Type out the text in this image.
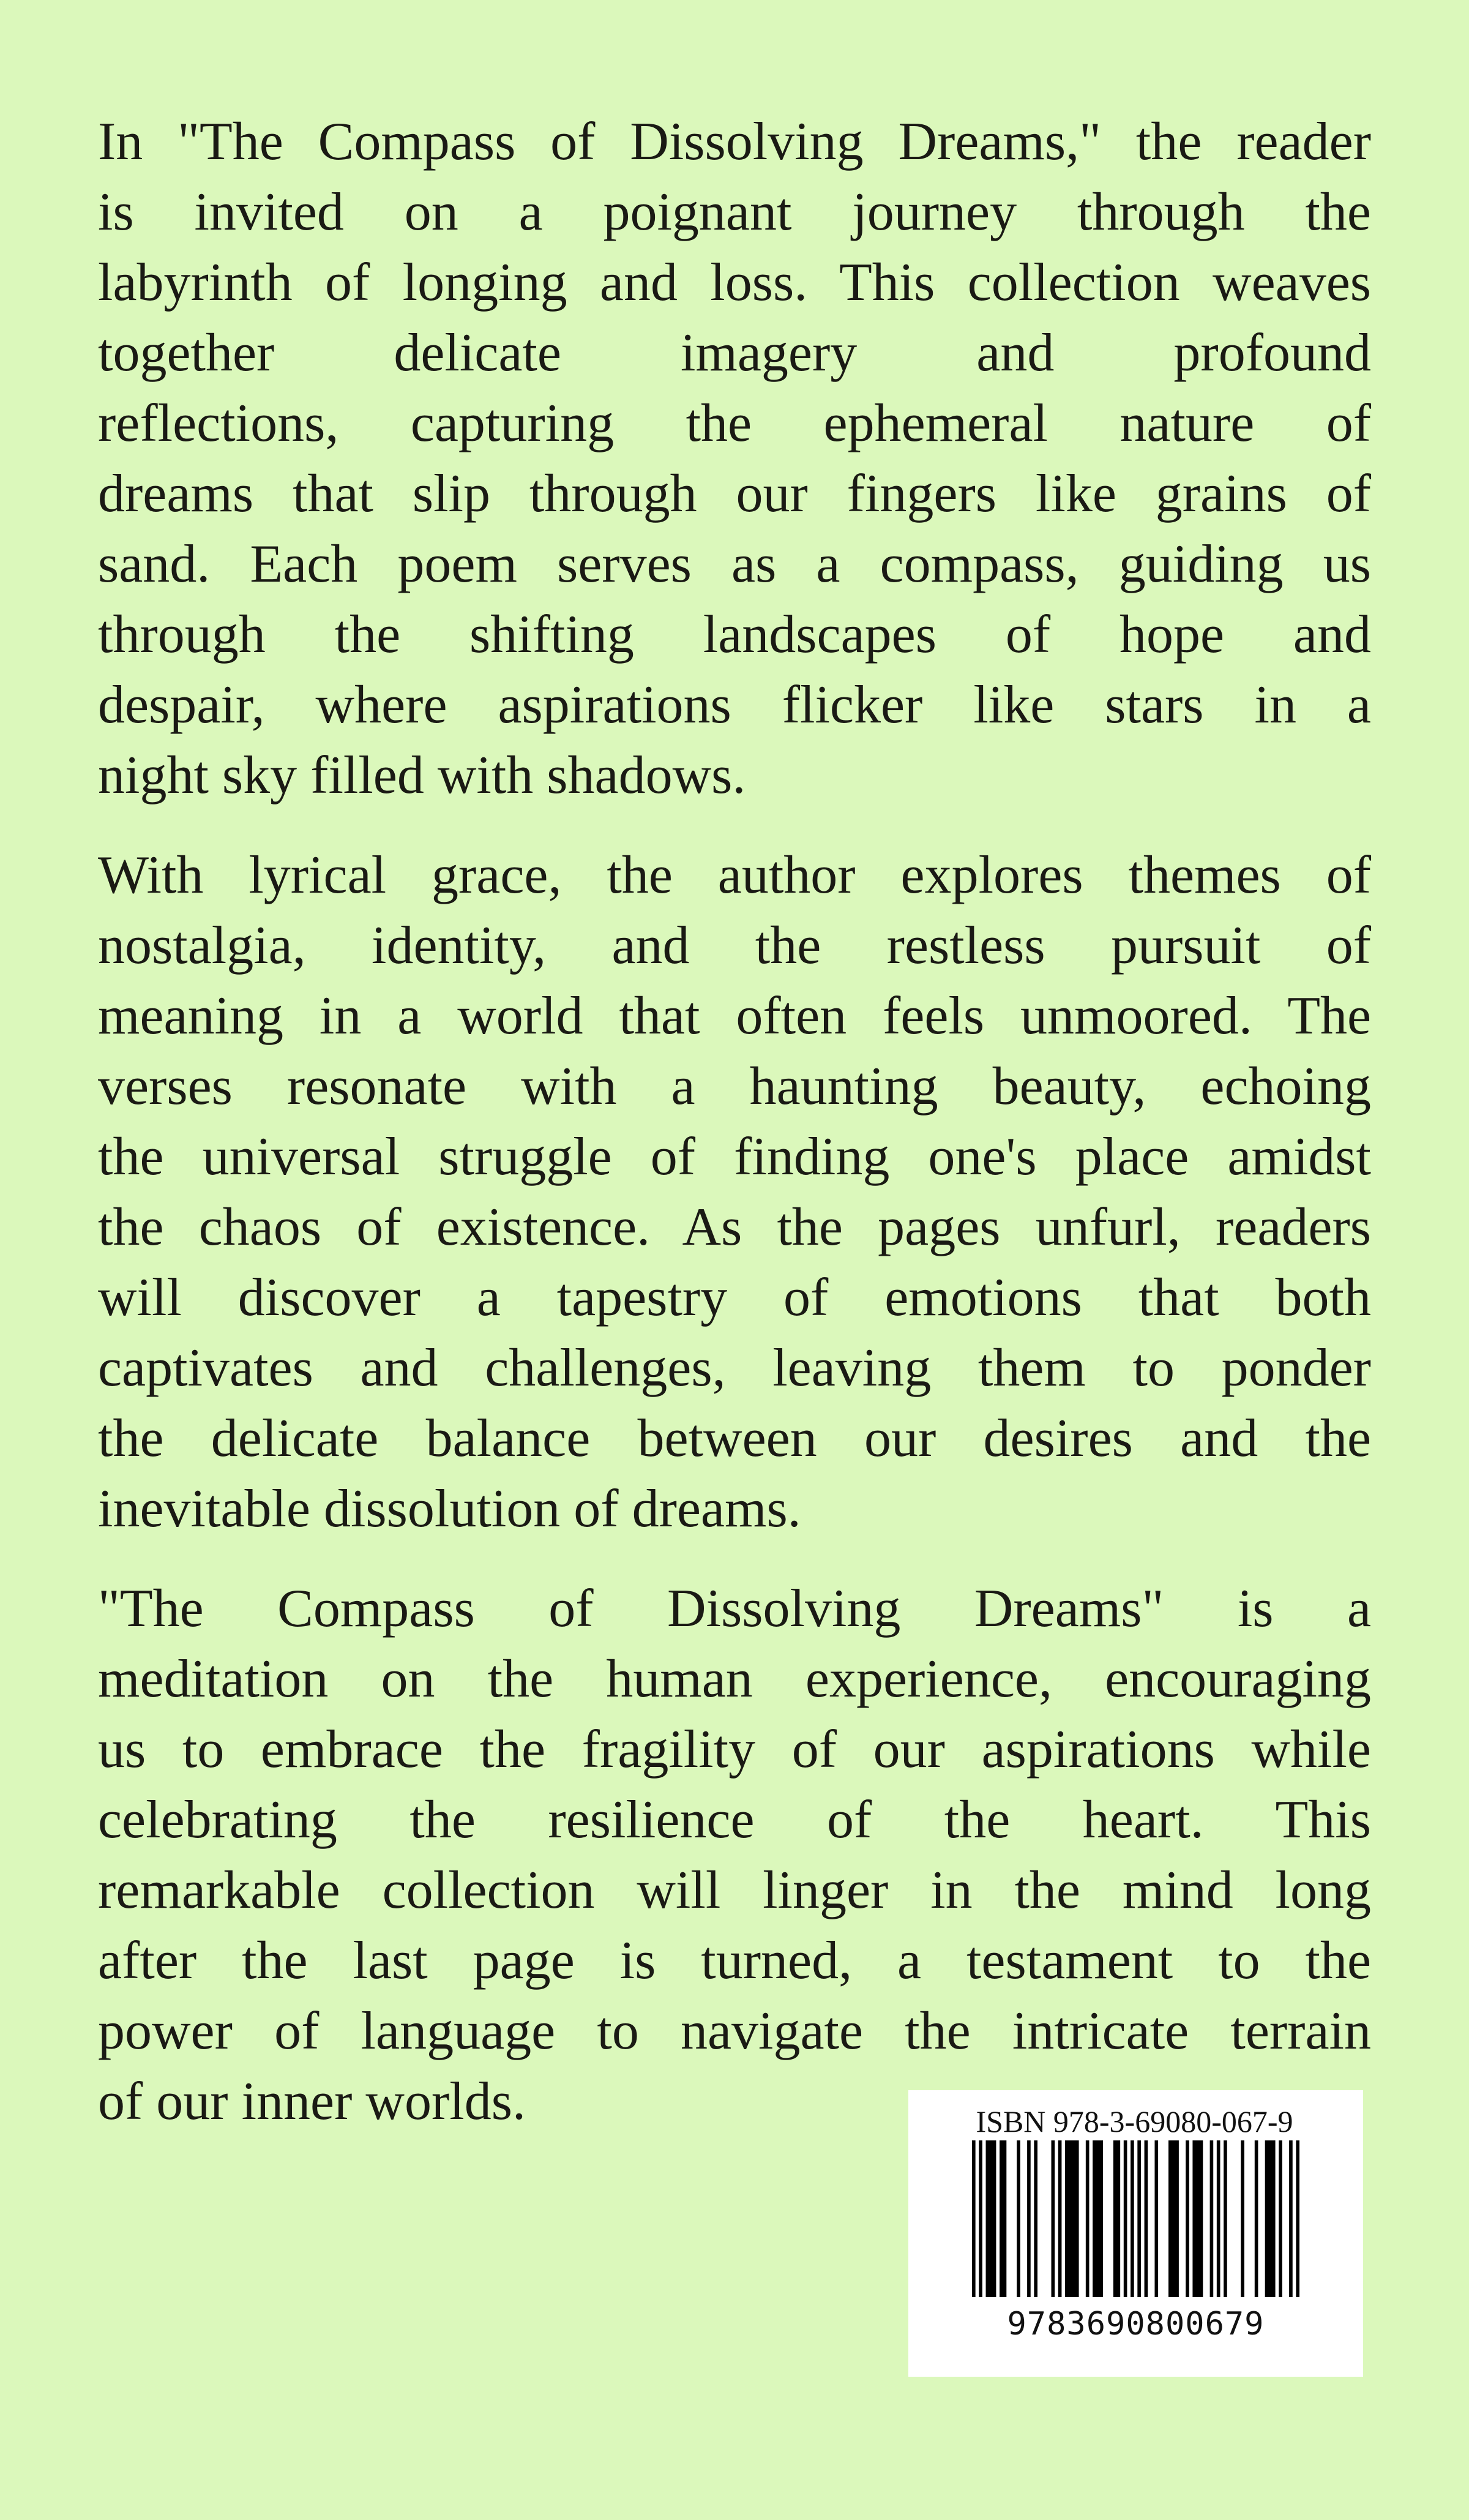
In "The Compass of Dissolving Dreams," the reader
is invited on a poignant journey through the
labyrinth of longing and loss. This collection weaves
together delicate imagery and profound
reflections, capturing the ephemeral nature of
dreams that slip through our fingers like grains of
sand. Each poem serves as a compass, guiding us
through the shifting landscapes of hope and
despair, where aspirations flicker like stars in a
night sky filled with shadows.
With lyrical grace, the author explores themes of
nostalgia, identity, and the restless pursuit of
meaning in a world that often feels unmoored. The
verses resonate with a haunting beauty, echoing
the universal struggle of finding one's place amidst
the chaos of existence. As the pages unfurl, readers
will discover a tapestry of emotions that both
captivates and challenges, leaving them to ponder
the delicate balance between our desires and the
inevitable dissolution of dreams.
"The Compass of Dissolving Dreams" is a
meditation on the human experience, encouraging
us to embrace the fragility of our aspirations while
celebrating the resilience of the heart. This
remarkable collection will linger in the mind long
after the last page is turned, a testament to the
power of language to navigate the intricate terrain
of our inner worlds.	ISBN 978-3-69080-067-9
9783690800679
